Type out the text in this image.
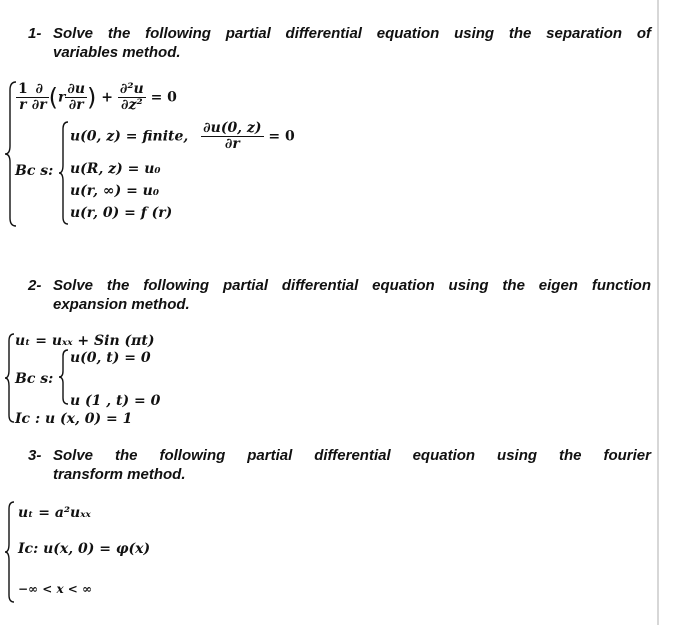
1- Solve the following partial differential equation using the separation of
variables method.
$\frac{1}{r} \frac{\partial}{\partial r} (r \frac{\partial u}{\partial r}$ ) + $\frac{\text{∂²u}}{\text{∂z²}} = 0$
Bc s:
u(0, z) = finite, $\frac{\partial u(0, z)}{\partial r} = 0$
u(R, z) = u₀
u(r, ∞) = u₀
u(r, 0) = f (r)
2- Solve the following partial differential equation using the eigen function
expansion method.
uₜ = uₓₓ + Sin (πt)
Bc s:
u(0, t) = 0
u (1 , t) = 0
Ic : u (x, 0) = 1
3- Solve the following partial differential equation using the fourier
transform method.
uₜ = a²uₓₓ
Ic: u(x, 0) = φ(x)
−∞ < x < ∞
